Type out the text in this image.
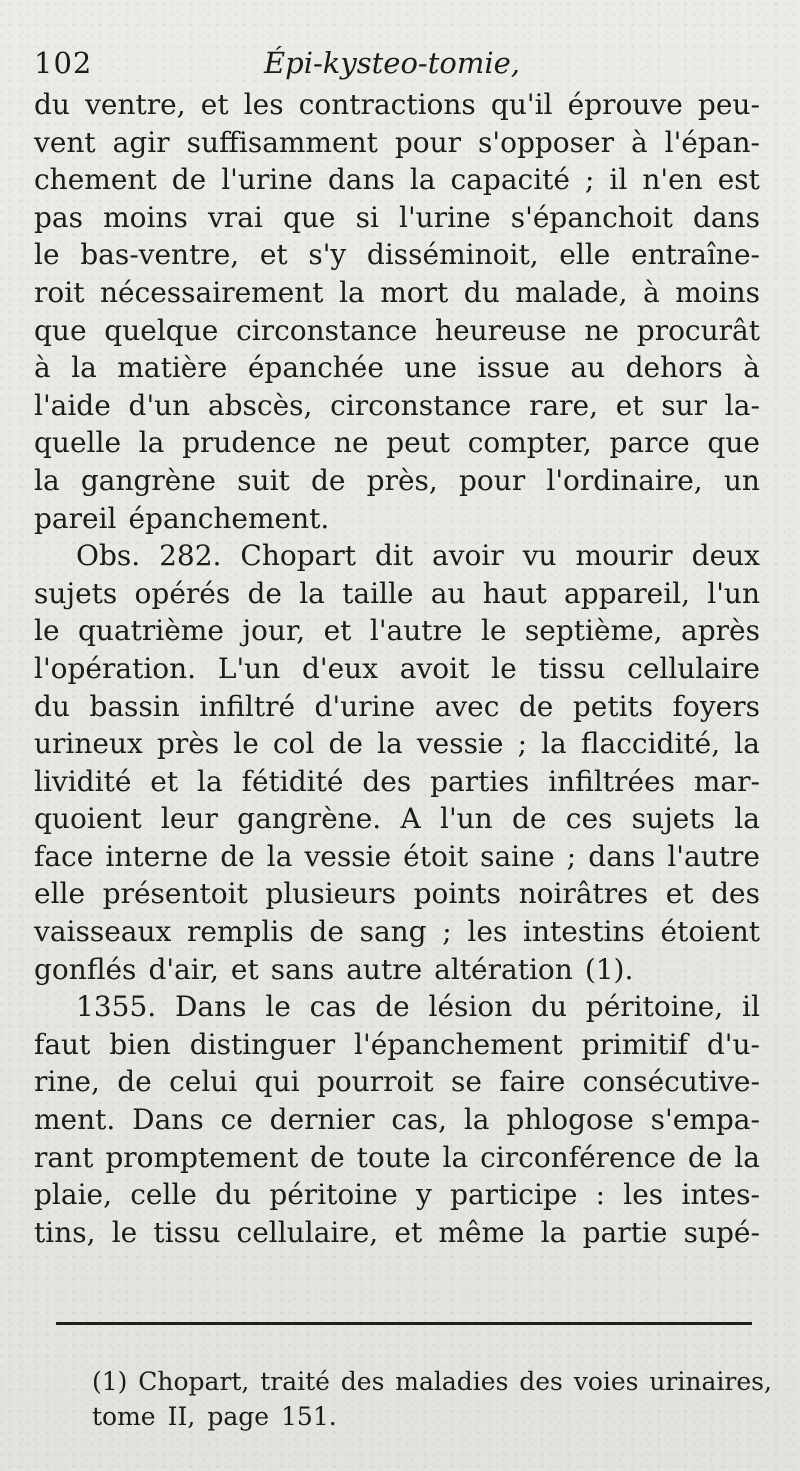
102	Épi-kysteo-tomie,
du ventre, et les contractions qu'il éprouve peu-
vent agir suffisamment pour s'opposer à l'épan-
chement de l'urine dans la capacité ; il n'en est
pas moins vrai que si l'urine s'épanchoit dans
le bas-ventre, et s'y disséminoit, elle entraîne-
roit nécessairement la mort du malade, à moins
que quelque circonstance heureuse ne procurât
à la matière épanchée une issue au dehors à
l'aide d'un abscès, circonstance rare, et sur la-
quelle la prudence ne peut compter, parce que
la gangrène suit de près, pour l'ordinaire, un
pareil épanchement.
Obs. 282. Chopart dit avoir vu mourir deux
sujets opérés de la taille au haut appareil, l'un
le quatrième jour, et l'autre le septième, après
l'opération. L'un d'eux avoit le tissu cellulaire
du bassin infiltré d'urine avec de petits foyers
urineux près le col de la vessie ; la flaccidité, la
lividité et la fétidité des parties infiltrées mar-
quoient leur gangrène. A l'un de ces sujets la
face interne de la vessie étoit saine ; dans l'autre
elle présentoit plusieurs points noirâtres et des
vaisseaux remplis de sang ; les intestins étoient
gonflés d'air, et sans autre altération (1).
1355. Dans le cas de lésion du péritoine, il
faut bien distinguer l'épanchement primitif d'u-
rine, de celui qui pourroit se faire consécutive-
ment. Dans ce dernier cas, la phlogose s'empa-
rant promptement de toute la circonférence de la
plaie, celle du péritoine y participe : les intes-
tins, le tissu cellulaire, et même la partie supé-
(1) Chopart, traité des maladies des voies urinaires,
tome II, page 151.
